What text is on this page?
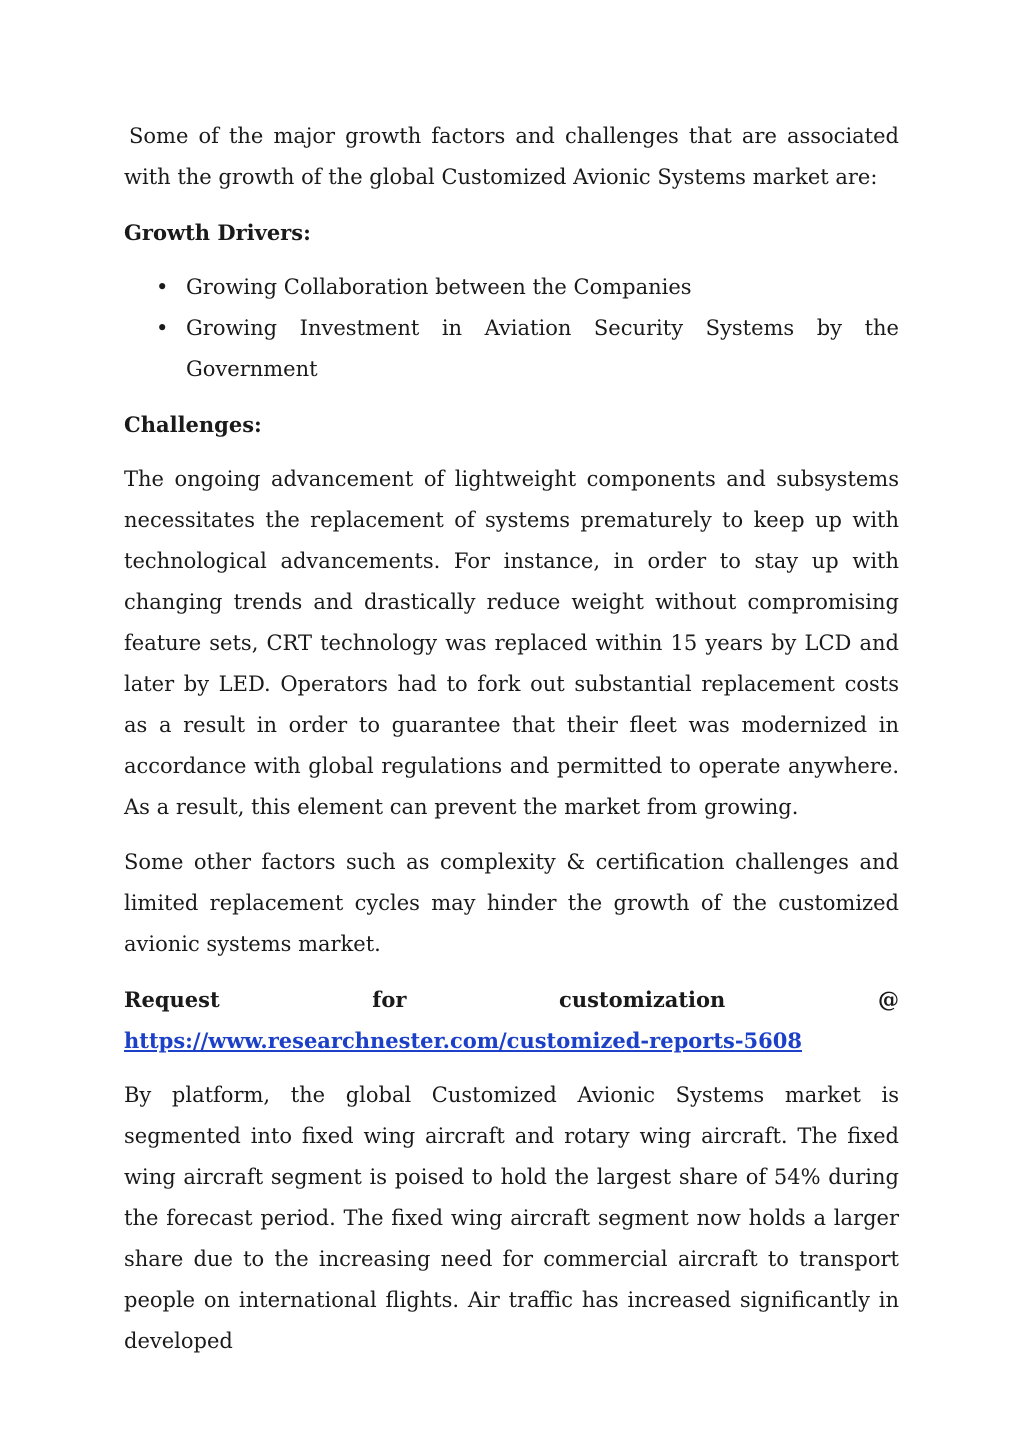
Some of the major growth factors and challenges that are associated with the growth of the global Customized Avionic Systems market are:

Growth Drivers:
• Growing Collaboration between the Companies
• Growing Investment in Aviation Security Systems by the Government
Challenges:

The ongoing advancement of lightweight components and subsystems necessitates the replacement of systems prematurely to keep up with technological advancements. For instance, in order to stay up with changing trends and drastically reduce weight without compromising feature sets, CRT technology was replaced within 15 years by LCD and later by LED. Operators had to fork out substantial replacement costs as a result in order to guarantee that their fleet was modernized in accordance with global regulations and permitted to operate anywhere. As a result, this element can prevent the market from growing.

Some other factors such as complexity & certification challenges and limited replacement cycles may hinder the growth of the customized avionic systems market.

Request	for	customization	@
https://www.researchnester.com/customized-reports-5608

By platform, the global Customized Avionic Systems market is segmented into fixed wing aircraft and rotary wing aircraft. The fixed wing aircraft segment is poised to hold the largest share of 54% during the forecast period. The fixed wing aircraft segment now holds a larger share due to the increasing need for commercial aircraft to transport people on international flights. Air traffic has increased significantly in developed
